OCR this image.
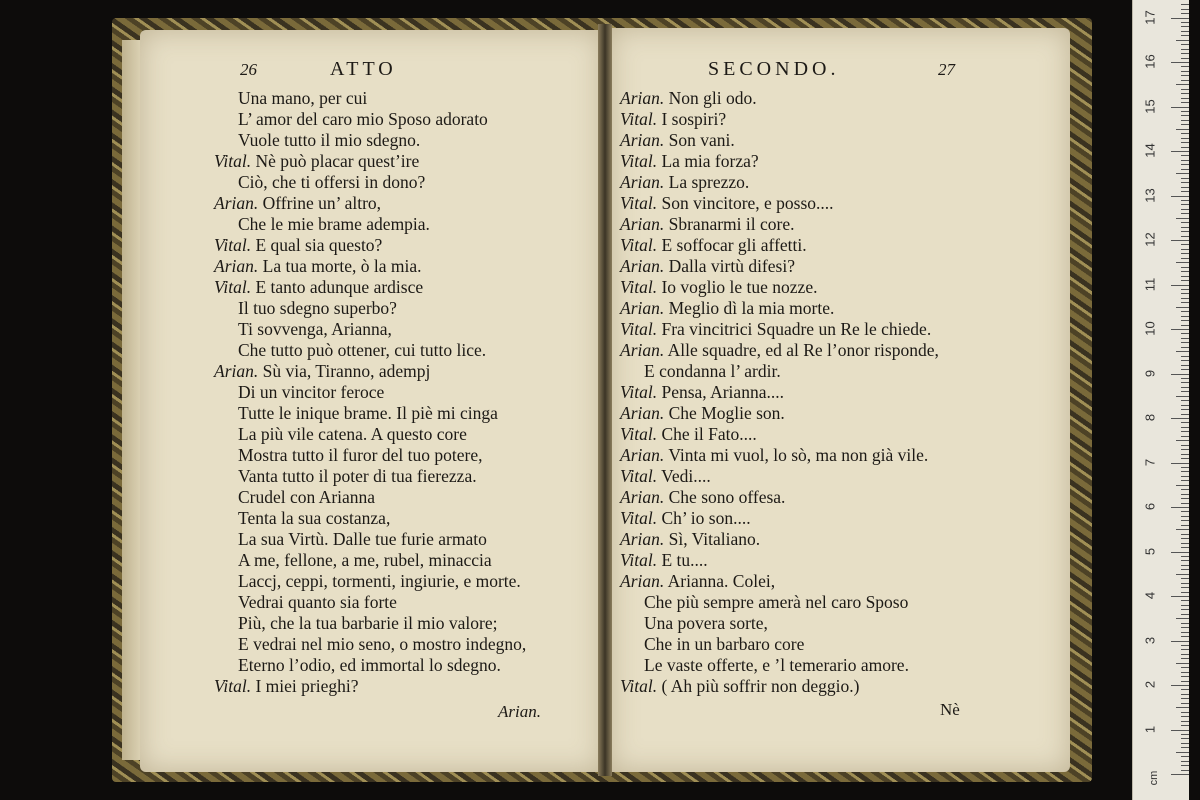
26	ATTO
Una mano, per cui
L’ amor del caro mio Sposo adorato
Vuole tutto il mio sdegno.
Vital. Nè può placar quest’ire
Ciò, che ti offersi in dono?
Arian. Offrine un’ altro,
Che le mie brame adempia.
Vital. E qual sia questo?
Arian. La tua morte, ò la mia.
Vital. E tanto adunque ardisce
Il tuo sdegno superbo?
Ti sovvenga, Arianna,
Che tutto può ottener, cui tutto lice.
Arian. Sù via, Tiranno, adempj
Di un vincitor feroce
Tutte le inique brame. Il piè mi cinga
La più vile catena. A questo core
Mostra tutto il furor del tuo potere,
Vanta tutto il poter di tua fierezza.
Crudel con Arianna
Tenta la sua costanza,
La sua Virtù. Dalle tue furie armato
A me, fellone, a me, rubel, minaccia
Laccj, ceppi, tormenti, ingiurie, e morte.
Vedrai quanto sia forte
Più, che la tua barbarie il mio valore;
E vedrai nel mio seno, o mostro indegno,
Eterno l’odio, ed immortal lo sdegno.
Vital. I miei prieghi?
Arian.
SECONDO.	27
Arian. Non gli odo.
Vital. I sospiri?
Arian. Son vani.
Vital. La mia forza?
Arian. La sprezzo.
Vital. Son vincitore, e posso....
Arian. Sbranarmi il core.
Vital. E soffocar gli affetti.
Arian. Dalla virtù difesi?
Vital. Io voglio le tue nozze.
Arian. Meglio dì la mia morte.
Vital. Fra vincitrici Squadre un Re le chiede.
Arian. Alle squadre, ed al Re l’onor risponde,
E condanna l’ ardir.
Vital. Pensa, Arianna....
Arian. Che Moglie son.
Vital. Che il Fato....
Arian. Vinta mi vuol, lo sò, ma non già vile.
Vital. Vedi....
Arian. Che sono offesa.
Vital. Ch’ io son....
Arian. Sì, Vitaliano.
Vital. E tu....
Arian. Arianna. Colei,
Che più sempre amerà nel caro Sposo
Una povera sorte,
Che in un barbaro core
Le vaste offerte, e ’l temerario amore.
Vital. ( Ah più soffrir non deggio.)
Nè
cm
1
2
3
4
5
6
7
8
9
10
11
12
13
14
15
16
17
